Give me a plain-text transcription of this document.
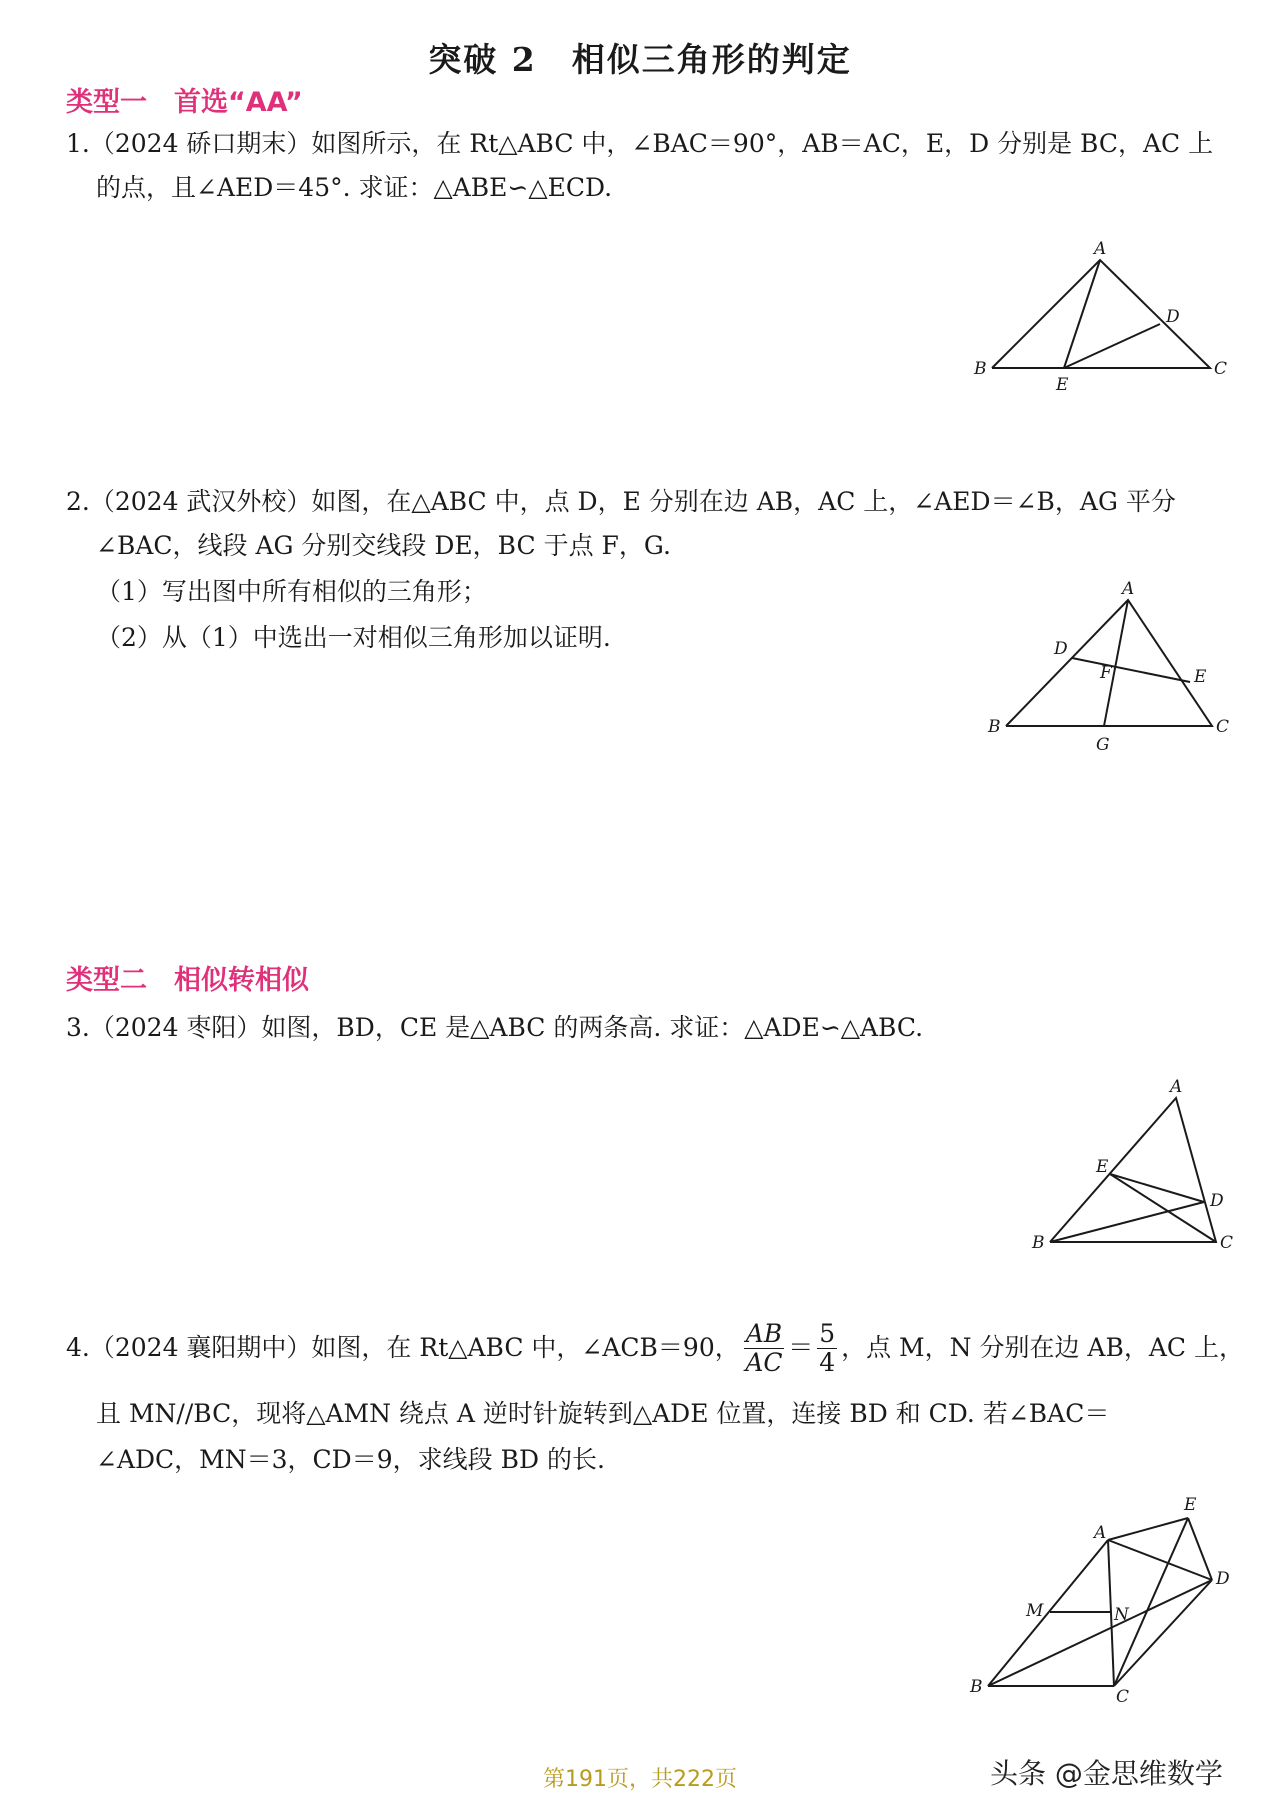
突破 2　相似三角形的判定
类型一　首选“AA”
1.（2024 硚口期末）如图所示，在 Rt△ABC 中，∠BAC＝90°，AB＝AC，E，D 分别是 BC，AC 上
的点，且∠AED＝45°. 求证：△ABE∽△ECD.
A
B	C
D
E
2.（2024 武汉外校）如图，在△ABC 中，点 D，E 分别在边 AB，AC 上，∠AED＝∠B，AG 平分
∠BAC，线段 AG 分别交线段 DE，BC 于点 F，G.
（1）写出图中所有相似的三角形；
（2）从（1）中选出一对相似三角形加以证明.
A
B	C
D
E
F
G
类型二　相似转相似
3.（2024 枣阳）如图，BD，CE 是△ABC 的两条高. 求证：△ADE∽△ABC.
A
B	C
D
E
4.（2024 襄阳期中）如图，在 Rt△ABC 中，∠ACB＝90， $\frac{AB}{AC} = \frac{5}{4}$ ，点 M，N 分别在边 AB，AC 上，
且 MN//BC，现将△AMN 绕点 A 逆时针旋转到△ADE 位置，连接 BD 和 CD. 若∠BAC＝
∠ADC，MN＝3，CD＝9，求线段 BD 的长.
A
B	C
D
E
M	N
第191页，共222页	头条 @金思维数学
